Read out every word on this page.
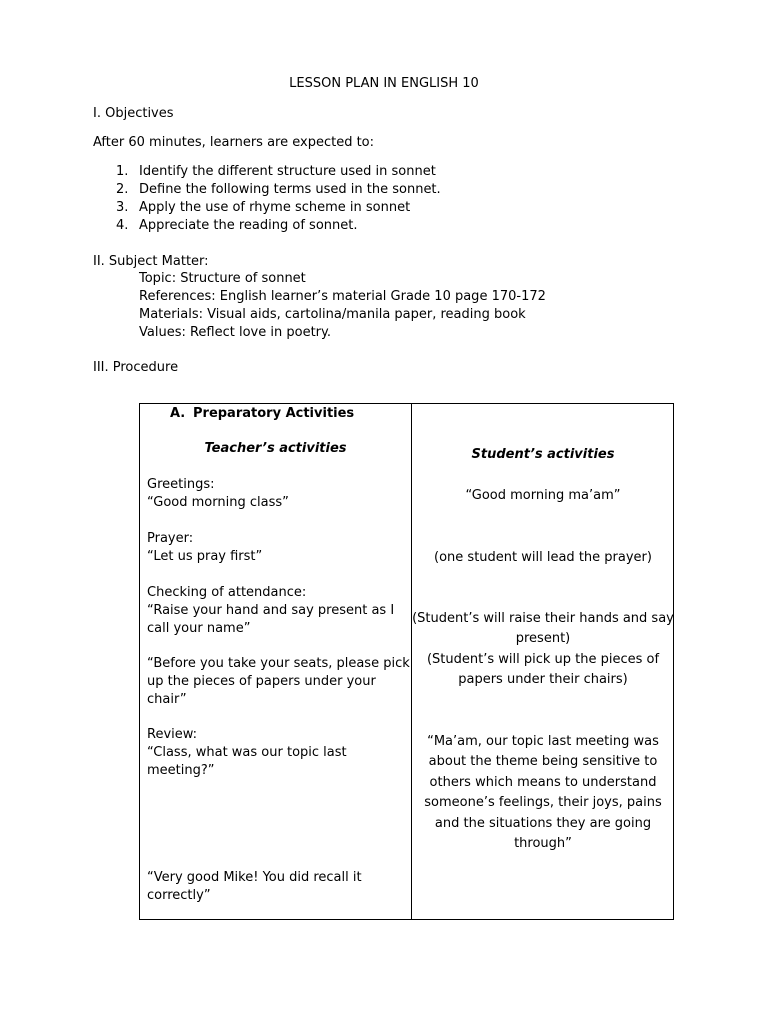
LESSON PLAN IN ENGLISH 10
I. Objectives
After 60 minutes, learners are expected to:
1. Identify the different structure used in sonnet
2. Define the following terms used in the sonnet.
3. Apply the use of rhyme scheme in sonnet
4. Appreciate the reading of sonnet.
II. Subject Matter:
Topic: Structure of sonnet
References: English learner’s material Grade 10 page 170-172
Materials: Visual aids, cartolina/manila paper, reading book
Values: Reflect love in poetry.
III. Procedure
A. Preparatory Activities
Teacher’s activities
Greetings:
“Good morning class”
Prayer:
“Let us pray first”
Checking of attendance:
“Raise your hand and say present as I
call your name”
“Before you take your seats, please pick
up the pieces of papers under your
chair”
Review:
“Class, what was our topic last
meeting?”
“Very good Mike! You did recall it
correctly”
Student’s activities
“Good morning ma’am”
(one student will lead the prayer)
(Student’s will raise their hands and say
present)
(Student’s will pick up the pieces of
papers under their chairs)
“Ma’am, our topic last meeting was
about the theme being sensitive to
others which means to understand
someone’s feelings, their joys, pains
and the situations they are going
through”
